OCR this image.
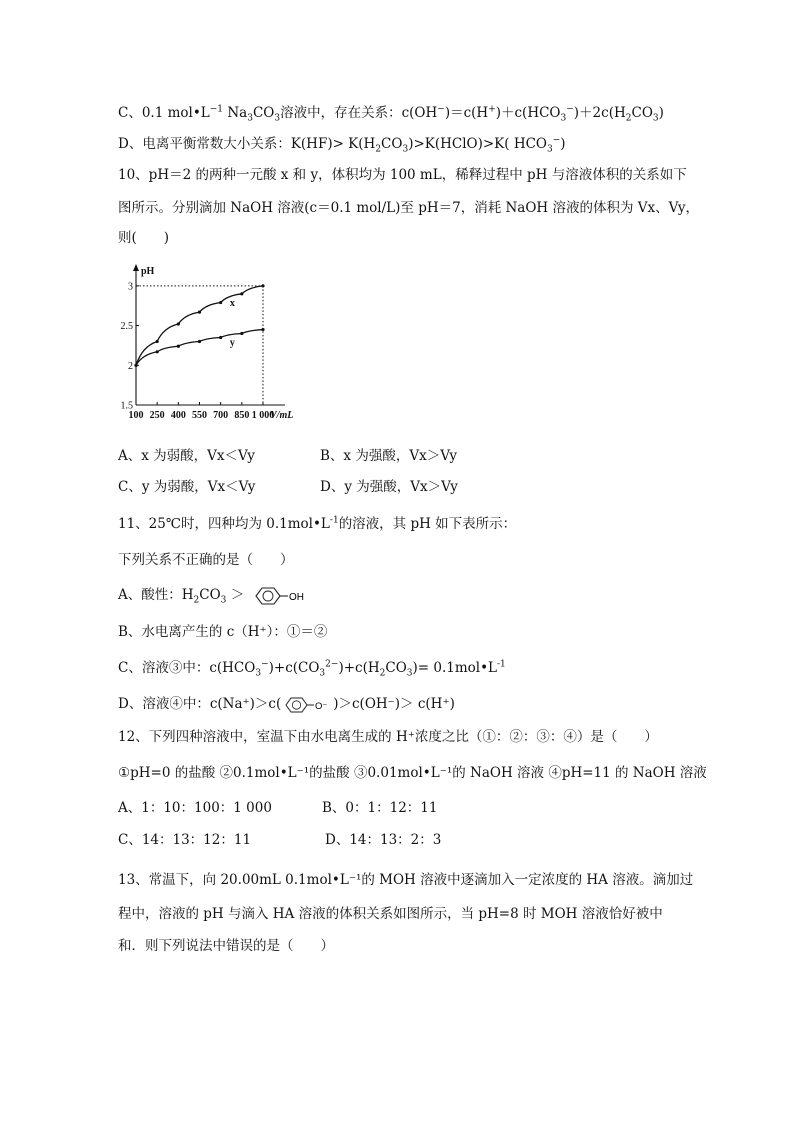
C、0.1 $mol•L^{-1}$ $Na_3CO_3$溶液中，存在关系：$c(OH^-)=c(H^+)+c(HCO_3^-)+2c(H_2CO_3)$
D、电离平衡常数大小关系：$K(HF)> K(H_2CO_3)>K(HClO)>K$( $HCO_3^-$)
10、pH＝2 的两种一元酸 x 和 y，体积均为 100 mL，稀释过程中 pH 与溶液体积的关系如下
图所示。分别滴加 NaOH 溶液(c＝0.1 mol/L)至 pH＝7，消耗 NaOH 溶液的体积为 Vx、Vy，
则(　　)
1.5
2
2.5
3
100 250 400 550 700 850 1 000
pH
V/mL
x
y
A、x 为弱酸，Vx＜Vy	B、x 为强酸，Vx＞Vy
C、y 为弱酸，Vx＜Vy	D、y 为强酸，Vx＞Vy
11、25℃时，四种均为 $0.1mol•L^{-1}$的溶液，其 pH 如下表所示：
下列关系不正确的是（　　）
A、酸性：$H_2CO_3$ ＞	OH
B、水电离产生的 c（H⁺）：①＝②
C、溶液③中：$c(HCO_3^-)+c(CO_3^{2-})+c(H_2CO_3)=$ $0.1mol•L^{-1}$
D、溶液④中：c(Na⁺)＞c(	O⁻ )＞c(OH⁻)＞ c(H⁺)
12、下列四种溶液中，室温下由水电离生成的 H⁺浓度之比（①：②：③：④）是（　　）
①pH=0 的盐酸 ②0.1mol•L⁻¹的盐酸 ③0.01mol•L⁻¹的 NaOH 溶液 ④pH=11 的 NaOH 溶液
A、1：10：100：1 000	B、0：1：12：11
C、14：13：12：11	D、14：13：2：3
13、常温下，向 20.00mL 0.1mol•L⁻¹的 MOH 溶液中逐滴加入一定浓度的 HA 溶液。滴加过
程中，溶液的 pH 与滴入 HA 溶液的体积关系如图所示，当 pH=8 时 MOH 溶液恰好被中
和．则下列说法中错误的是（　　）
